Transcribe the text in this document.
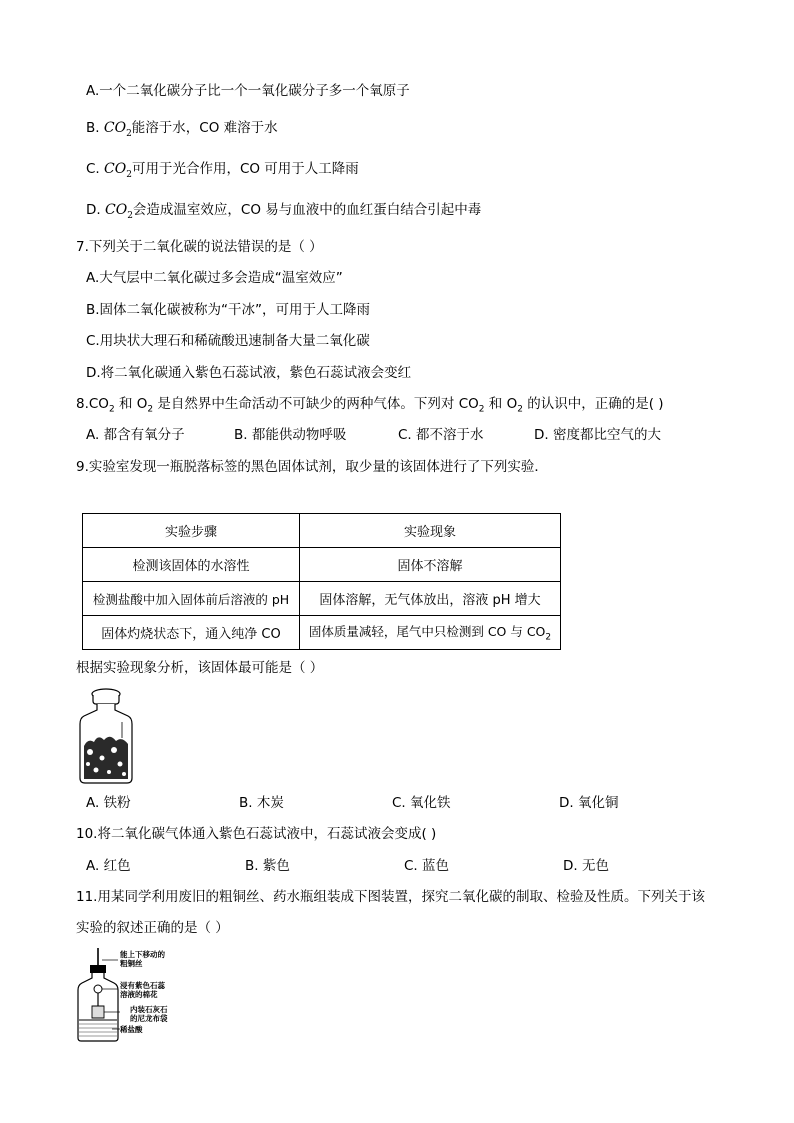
A.一个二氧化碳分子比一个一氧化碳分子多一个氧原子
B. $CO_2$能溶于水，CO 难溶于水
C. $CO_2$可用于光合作用，CO 可用于人工降雨
D. $CO_2$会造成温室效应，CO 易与血液中的血红蛋白结合引起中毒
7.下列关于二氧化碳的说法错误的是（ ）
A.大气层中二氧化碳过多会造成“温室效应”
B.固体二氧化碳被称为“干冰”，可用于人工降雨
C.用块状大理石和稀硫酸迅速制备大量二氧化碳
D.将二氧化碳通入紫色石蕊试液，紫色石蕊试液会变红
$8.CO_2$ 和 $O_2$ 是自然界中生命活动不可缺少的两种气体。下列对 $CO_2$ 和 $O_2$ 的认识中，正确的是( )
A. 都含有氧分子	B. 都能供动物呼吸	C. 都不溶于水	D. 密度都比空气的大
9.实验室发现一瓶脱落标签的黑色固体试剂，取少量的该固体进行了下列实验．
实验步骤	实验现象
检测该固体的水溶性	固体不溶解
检测盐酸中加入固体前后溶液的 pH	固体溶解，无气体放出，溶液 pH 增大
固体灼烧状态下，通入纯净 CO	固体质量减轻，尾气中只检测到 CO 与 $CO_2$
根据实验现象分析，该固体最可能是（ ）
A. 铁粉	B. 木炭	C. 氧化铁	D. 氧化铜
10.将二氧化碳气体通入紫色石蕊试液中，石蕊试液会变成( )
A. 红色	B. 紫色	C. 蓝色	D. 无色
11.用某同学利用废旧的粗铜丝、药水瓶组装成下图装置，探究二氧化碳的制取、检验及性质。下列关于该
实验的叙述正确的是（ ）
能上下移动的
粗铜丝
浸有紫色石蕊
溶液的棉花
内装石灰石
的尼龙布袋
稀盐酸
